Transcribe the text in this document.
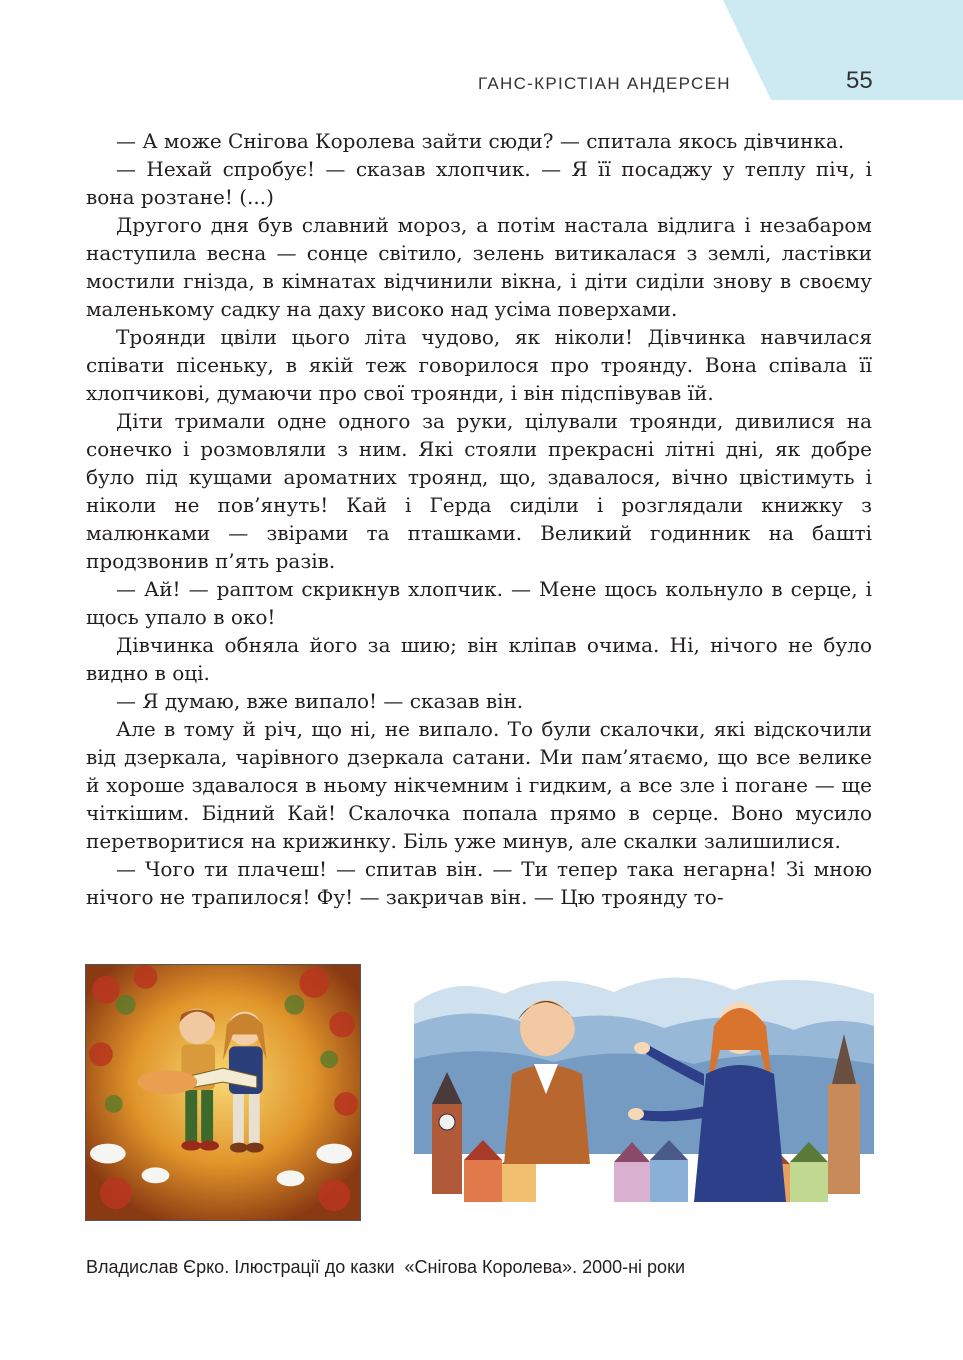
ГАНС-КРІСТІАН АНДЕРСЕН	55

— А може Снігова Королева зайти сюди? — спитала якось дівчинка.

— Нехай спробує! — сказав хлопчик. — Я її посаджу у теплу піч, і вона розтане! (...)

Другого дня був славний мороз, а потім настала відлига і незабаром наступила весна — сонце світило, зелень витикалася з землі, ластівки мостили гнізда, в кімнатах відчинили вікна, і діти сиділи знову в своєму маленькому садку на даху високо над усіма поверхами.

Троянди цвіли цього літа чудово, як ніколи! Дівчинка навчилася співати пісеньку, в якій теж говорилося про троянду. Вона співала її хлопчикові, думаючи про свої троянди, і він підспівував їй.

Діти тримали одне одного за руки, цілували троянди, дивилися на сонечко і розмовляли з ним. Які стояли прекрасні літні дні, як добре було під кущами ароматних троянд, що, здавалося, вічно цвістимуть і ніколи не пов’януть! Кай і Герда сиділи і розглядали книжку з малюнками — звірами та пташками. Великий годинник на башті продзвонив п’ять разів.

— Ай! — раптом скрикнув хлопчик. — Мене щось кольнуло в серце, і щось упало в око!

Дівчинка обняла його за шию; він кліпав очима. Ні, нічого не було видно в оці.

— Я думаю, вже випало! — сказав він.

Але в тому й річ, що ні, не випало. То були скалочки, які відскочили від дзеркала, чарівного дзеркала сатани. Ми пам’ятаємо, що все велике й хороше здавалося в ньому нікчемним і гидким, а все зле і погане — ще чіткішим. Бідний Кай! Скалочка попала прямо в серце. Воно мусило перетворитися на крижинку. Біль уже минув, але скалки залишилися.

— Чого ти плачеш! — спитав він. — Ти тепер така негарна! Зі мною нічого не трапилося! Фу! — закричав він. — Цю троянду то-

Владислав Єрко. Ілюстрації до казки  «Снігова Королева». 2000-ні роки
